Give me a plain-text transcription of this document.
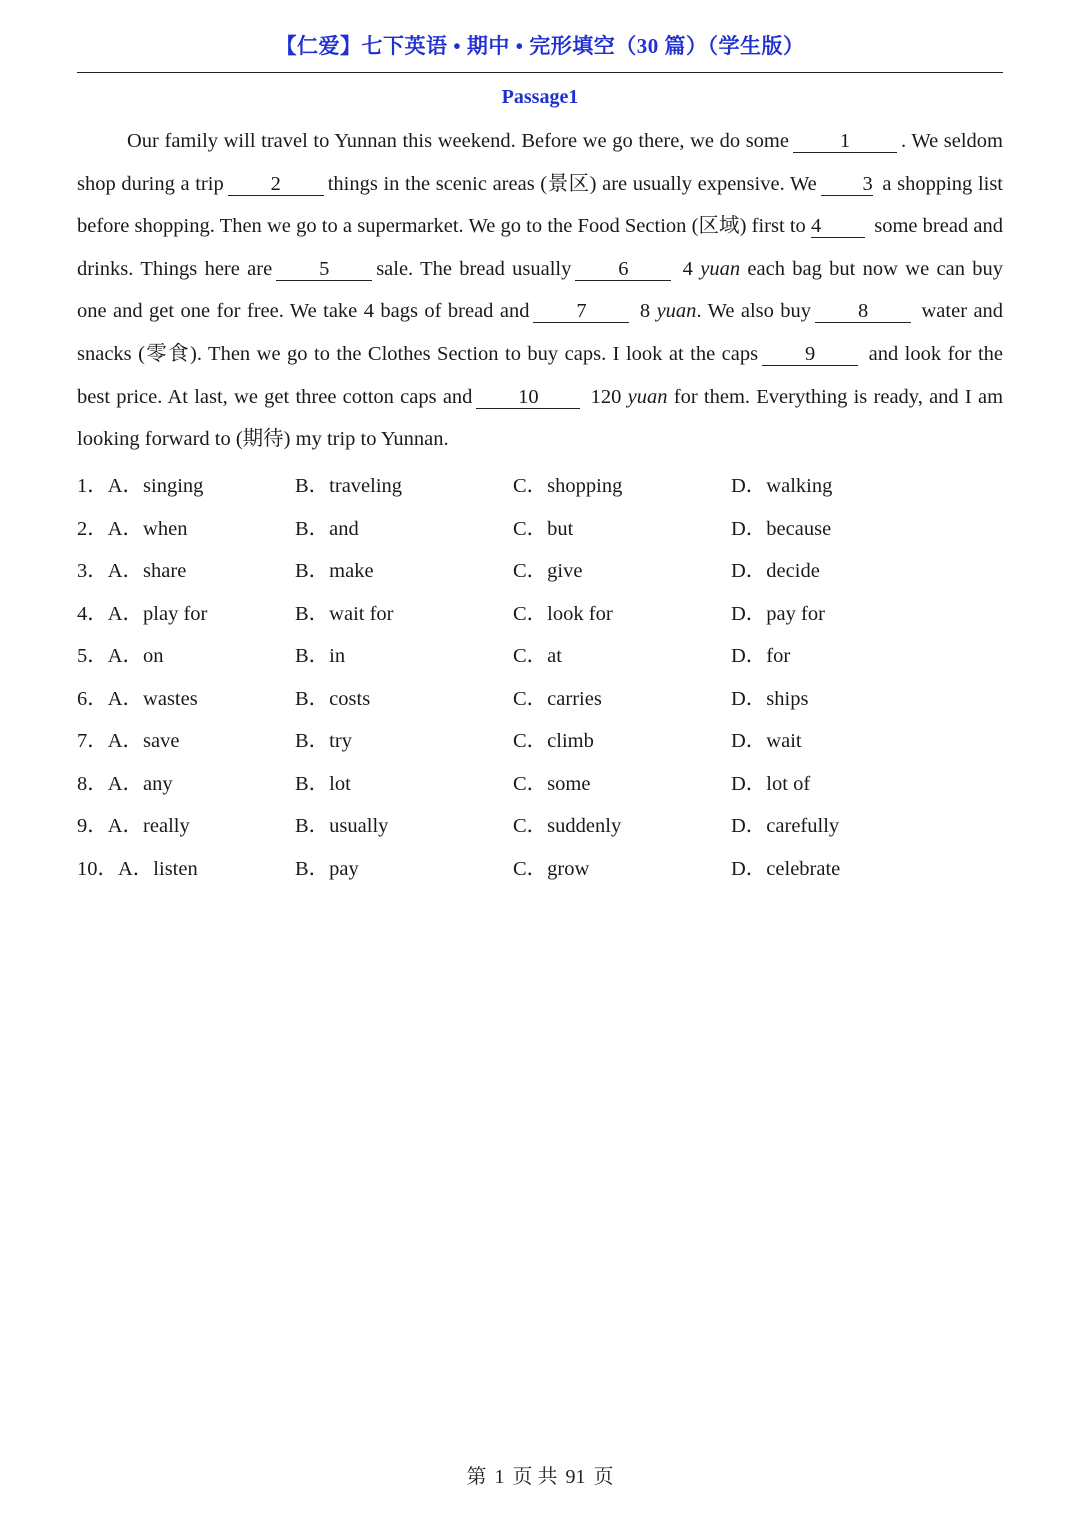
【仁爱】七下英语 • 期中 • 完形填空（30 篇）（学生版）
Passage1
Our family will travel to Yunnan this weekend. Before we go there, we do some 1 . We seldom shop during a trip 2 things in the scenic areas (景区) are usually expensive. We 3 a shopping list before shopping. Then we go to a supermarket. We go to the Food Section (区域) first to 4	some bread and drinks. Things here are 5 sale. The bread usually 6	4 yuan each bag but now we can buy one and get one for free. We take 4 bags of bread and 7	8 yuan. We also buy 8	water and snacks (零食). Then we go to the Clothes Section to buy caps. I look at the caps 9	and look for the best price. At last, we get three cotton caps and 10	120 yuan for them. Everything is ready, and I am looking forward to (期待) my trip to Yunnan.
1．A．singing	B．traveling	C．shopping	D．walking
2．A．when	B．and	C．but	D．because
3．A．share	B．make	C．give	D．decide
4．A．play for	B．wait for	C．look for	D．pay for
5．A．on	B．in	C．at	D．for
6．A．wastes	B．costs	C．carries	D．ships
7．A．save	B．try	C．climb	D．wait
8．A．any	B．lot	C．some	D．lot of
9．A．really	B．usually	C．suddenly	D．carefully
10．A．listen	B．pay	C．grow	D．celebrate
第 1 页 共 91 页
